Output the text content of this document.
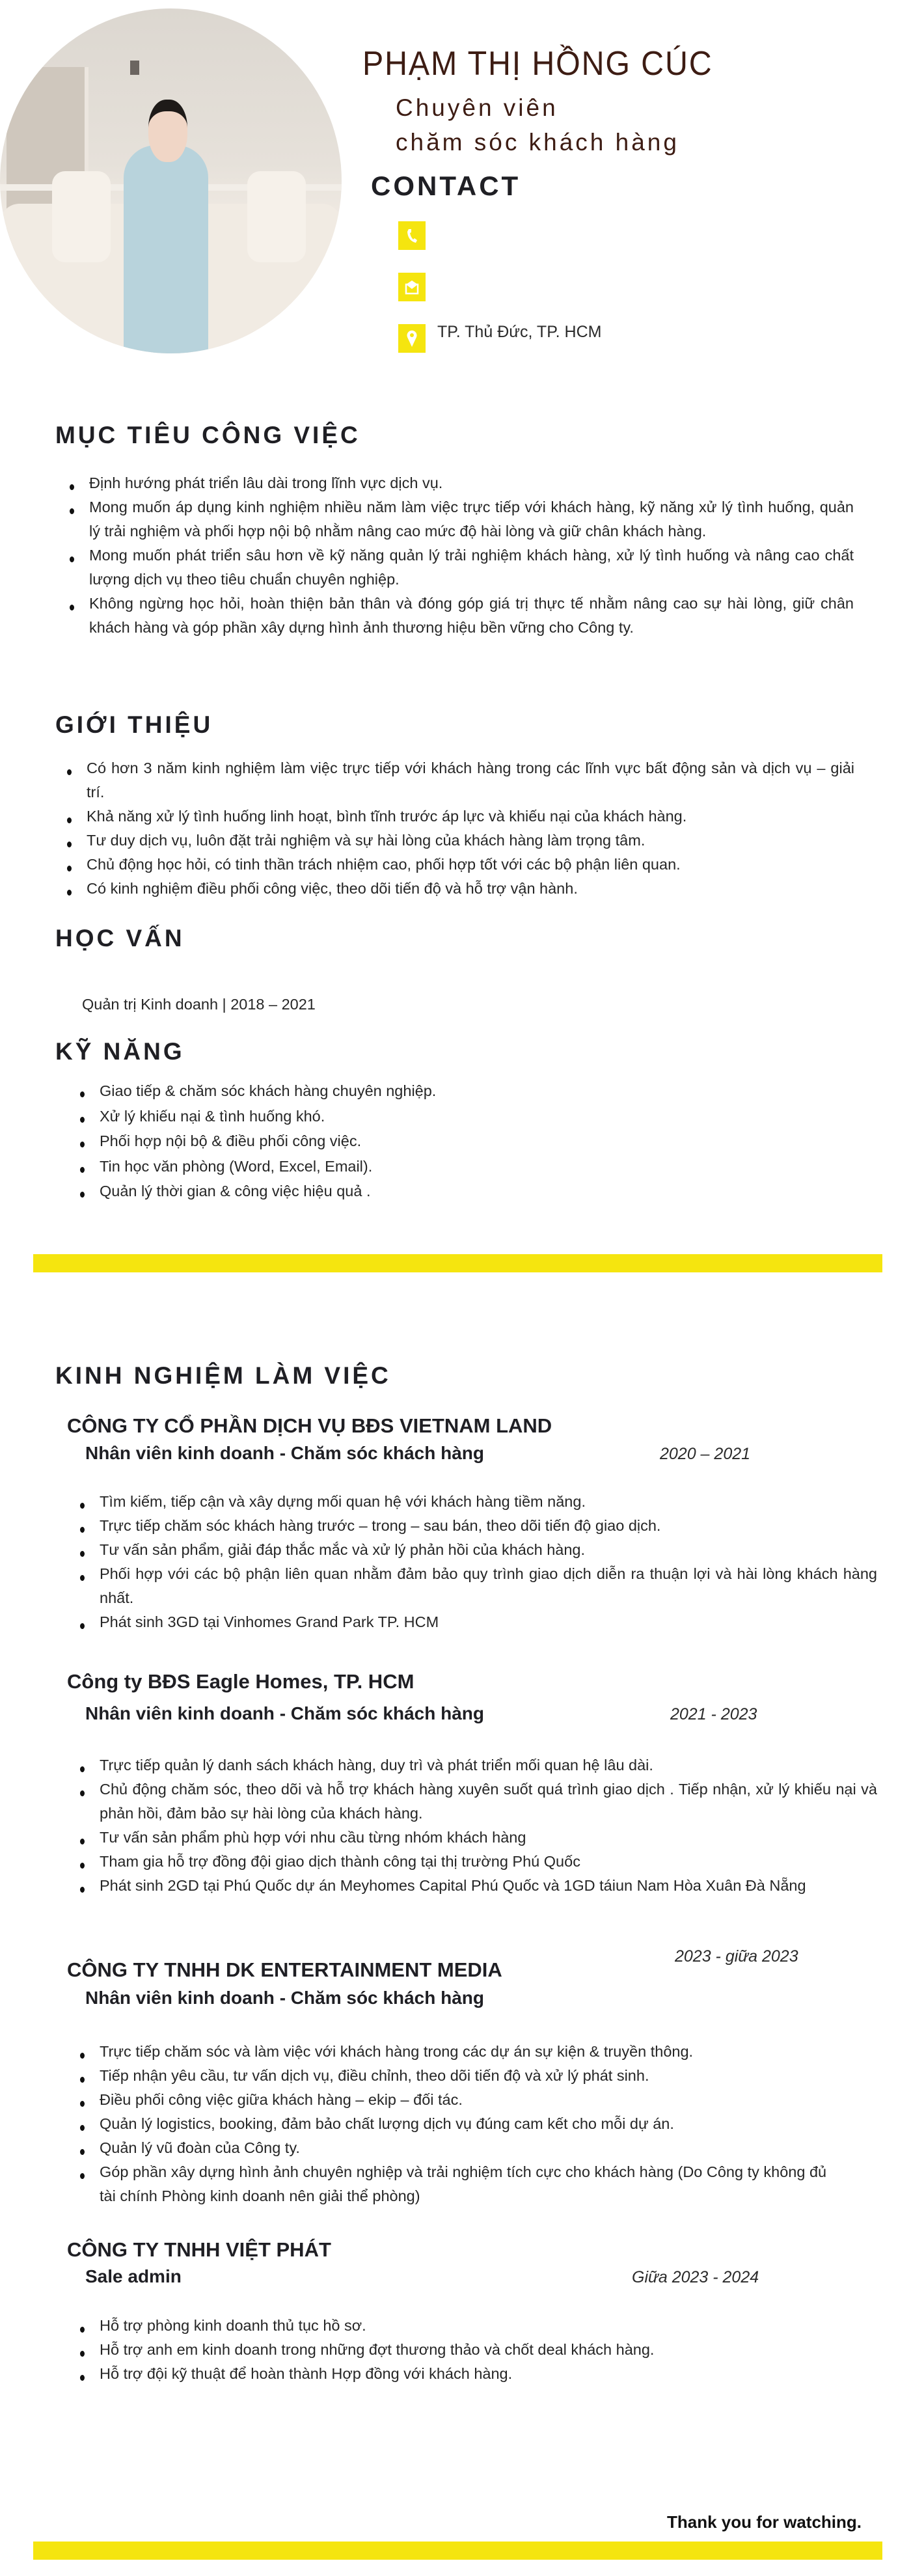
PHẠM THỊ HỒNG CÚC
Chuyên viên
chăm sóc khách hàng
CONTACT
TP. Thủ Đức, TP. HCM
MỤC TIÊU CÔNG VIỆC
Định hướng phát triển lâu dài trong lĩnh vực dịch vụ.
Mong muốn áp dụng kinh nghiệm nhiều năm làm việc trực tiếp với khách hàng, kỹ năng xử lý tình huống, quản lý trải nghiệm và phối hợp nội bộ nhằm nâng cao mức độ hài lòng và giữ chân khách hàng.
Mong muốn phát triển sâu hơn về kỹ năng quản lý trải nghiệm khách hàng, xử lý tình huống và nâng cao chất lượng dịch vụ theo tiêu chuẩn chuyên nghiệp.
Không ngừng học hỏi, hoàn thiện bản thân và đóng góp giá trị thực tế nhằm nâng cao sự hài lòng, giữ chân khách hàng và góp phần xây dựng hình ảnh thương hiệu bền vững cho Công ty.
GIỚI THIỆU
Có hơn 3 năm kinh nghiệm làm việc trực tiếp với khách hàng trong các lĩnh vực bất động sản và dịch vụ – giải trí.
Khả năng xử lý tình huống linh hoạt, bình tĩnh trước áp lực và khiếu nại của khách hàng.
Tư duy dịch vụ, luôn đặt trải nghiệm và sự hài lòng của khách hàng làm trọng tâm.
Chủ động học hỏi, có tinh thần trách nhiệm cao, phối hợp tốt với các bộ phận liên quan.
Có kinh nghiệm điều phối công việc, theo dõi tiến độ và hỗ trợ vận hành.
HỌC VẤN
Quản trị Kinh doanh | 2018 – 2021
KỸ NĂNG
Giao tiếp & chăm sóc khách hàng chuyên nghiệp.
Xử lý khiếu nại & tình huống khó.
Phối hợp nội bộ & điều phối công việc.
Tin học văn phòng (Word, Excel, Email).
Quản lý thời gian & công việc hiệu quả .
KINH NGHIỆM LÀM VIỆC
CÔNG TY CỔ PHẦN DỊCH VỤ BĐS VIETNAM LAND
Nhân viên kinh doanh - Chăm sóc khách hàng	2020 – 2021
Tìm kiếm, tiếp cận và xây dựng mối quan hệ với khách hàng tiềm năng.
Trực tiếp chăm sóc khách hàng trước – trong – sau bán, theo dõi tiến độ giao dịch.
Tư vấn sản phẩm, giải đáp thắc mắc và xử lý phản hồi của khách hàng.
Phối hợp với các bộ phận liên quan nhằm đảm bảo quy trình giao dịch diễn ra thuận lợi và hài lòng khách hàng nhất.
Phát sinh 3GD tại Vinhomes Grand Park TP. HCM
Công ty BĐS Eagle Homes, TP. HCM
Nhân viên kinh doanh - Chăm sóc khách hàng	2021 - 2023
Trực tiếp quản lý danh sách khách hàng, duy trì và phát triển mối quan hệ lâu dài.
Chủ động chăm sóc, theo dõi và hỗ trợ khách hàng xuyên suốt quá trình giao dịch . Tiếp nhận, xử lý khiếu nại và phản hồi, đảm bảo sự hài lòng của khách hàng.
Tư vấn sản phẩm phù hợp với nhu cầu từng nhóm khách hàng
Tham gia hỗ trợ đồng đội giao dịch thành công tại thị trường Phú Quốc
Phát sinh 2GD tại Phú Quốc dự án Meyhomes Capital Phú Quốc và 1GD táiun Nam Hòa Xuân Đà Nẵng
2023 - giữa 2023
CÔNG TY TNHH DK ENTERTAINMENT MEDIA
Nhân viên kinh doanh - Chăm sóc khách hàng
Trực tiếp chăm sóc và làm việc với khách hàng trong các dự án sự kiện & truyền thông.
Tiếp nhận yêu cầu, tư vấn dịch vụ, điều chỉnh, theo dõi tiến độ và xử lý phát sinh.
Điều phối công việc giữa khách hàng – ekip – đối tác.
Quản lý logistics, booking, đảm bảo chất lượng dịch vụ đúng cam kết cho mỗi dự án.
Quản lý vũ đoàn của Công ty.
Góp phần xây dựng hình ảnh chuyên nghiệp và trải nghiệm tích cực cho khách hàng (Do Công ty không đủ tài chính Phòng kinh doanh nên giải thể phòng)
CÔNG TY TNHH VIỆT PHÁT
Sale admin	Giữa 2023 - 2024
Hỗ trợ phòng kinh doanh thủ tục hồ sơ.
Hỗ trợ anh em kinh doanh trong những đợt thương thảo và chốt deal khách hàng.
Hỗ trợ đội kỹ thuật để hoàn thành Hợp đồng với khách hàng.
Thank you for watching.
